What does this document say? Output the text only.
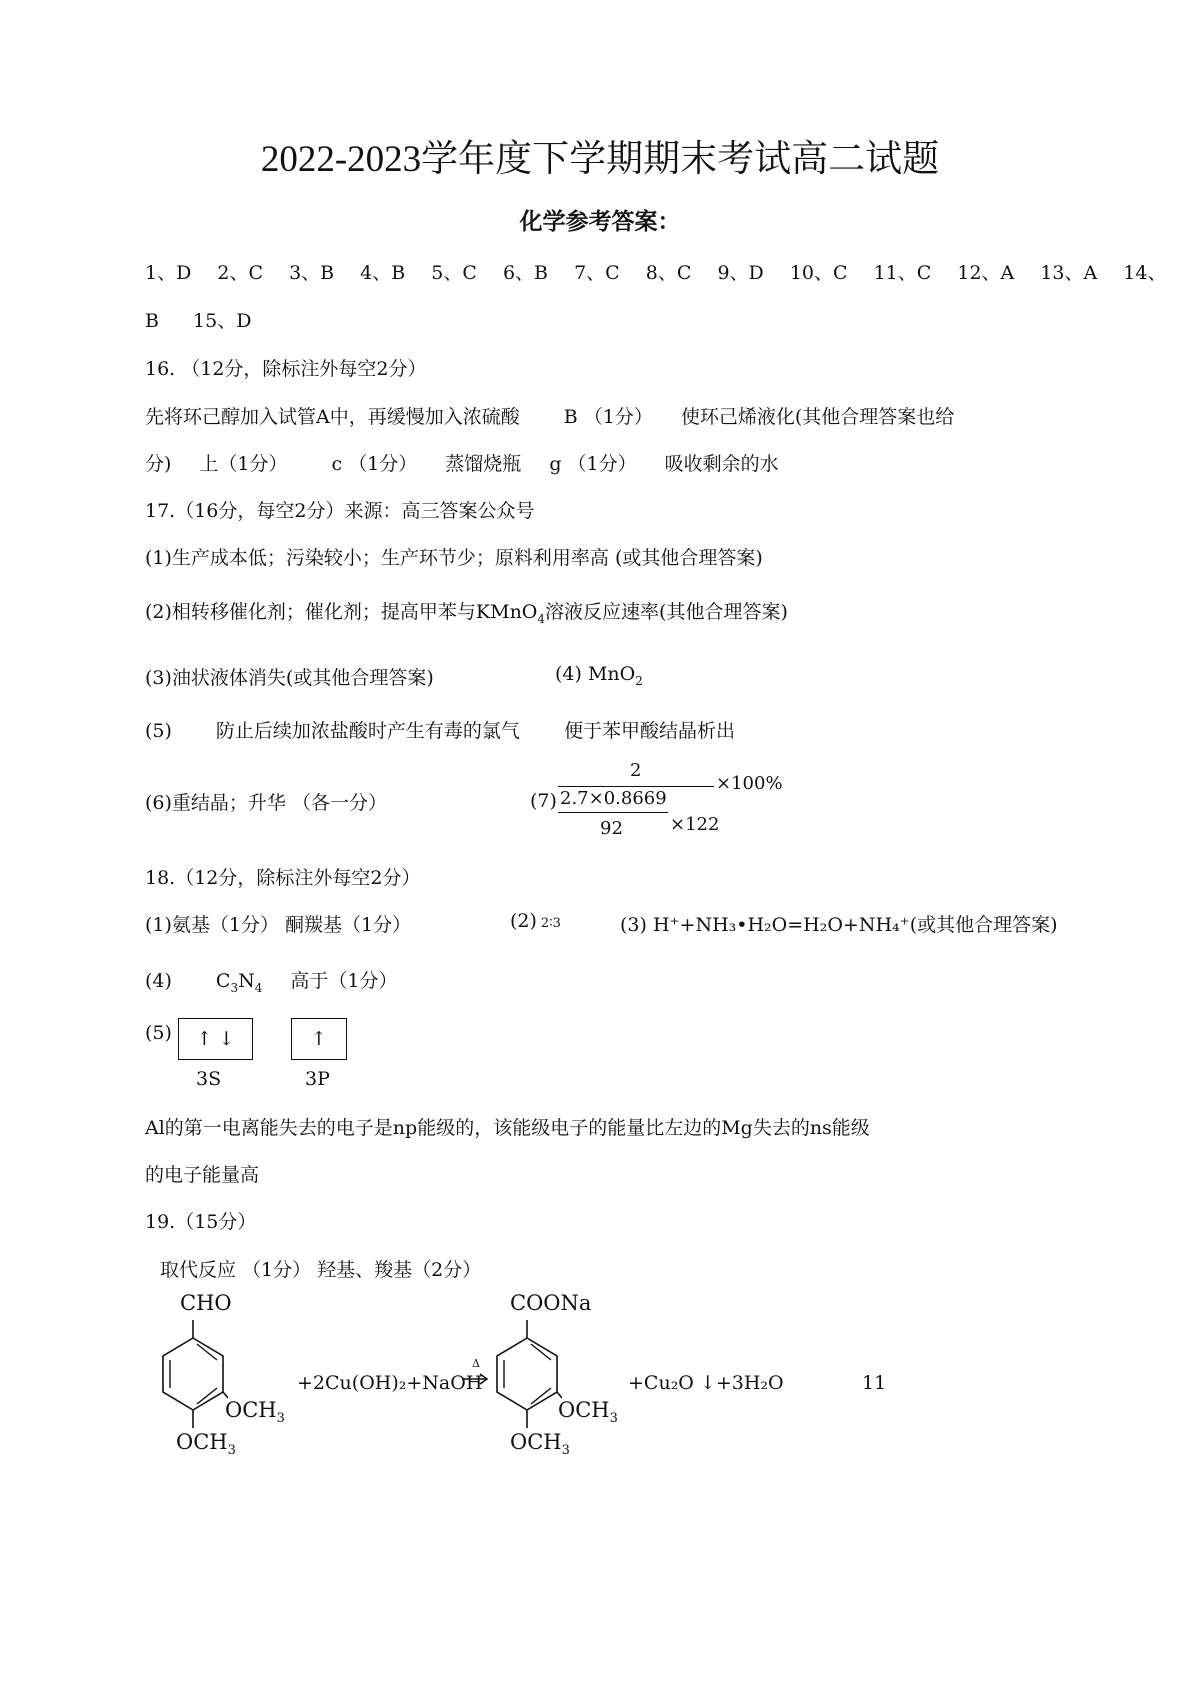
2022-2023学年度下学期期末考试高二试题
化学参考答案：
1、D 2、C 3、B 4、B 5、C 6、B 7、C 8、C 9、D 10、C 11、C 12、A 13、A 14、
B 15、D
16. （12分，除标注外每空2分）
先将环己醇加入试管A中，再缓慢加入浓硫酸 B （1分） 使环己烯液化(其他合理答案也给
分) 上（1分） c （1分） 蒸馏烧瓶 g （1分） 吸收剩余的水
17.（16分，每空2分）来源：高三答案公众号
(1)生产成本低；污染较小；生产环节少；原料利用率高 (或其他合理答案)
(2)相转移催化剂；催化剂；提高甲苯与KMnO$_4$溶液反应速率(其他合理答案)
(3)油状液体消失(或其他合理答案)	(4) MnO$_2$
(5) 防止后续加浓盐酸时产生有毒的氯气 便于苯甲酸结晶析出
(6)重结晶；升华 （各一分）	(7)
2
2.7×0.8669
×122
92
×100%
18.（12分，除标注外每空2分）
(1)氨基（1分） 酮羰基（1分）	(2) 2∶3	(3) H⁺+NH₃•H₂O=H₂O+NH₄⁺(或其他合理答案)
(4) $C_3N_4$ 高于（1分）
(5)	↑ ↓	↑
3S	3P
Al的第一电离能失去的电子是np能级的，该能级电子的能量比左边的Mg失去的ns能级
的电子能量高
19.（15分）
取代反应 （1分） 羟基、羧基（2分）
CHO
$OCH_3$
$OCH_3$
+2Cu(OH)₂+NaOH
Δ
COONa
$OCH_3$
$OCH_3$
+Cu₂O ↓+3H₂O	11
